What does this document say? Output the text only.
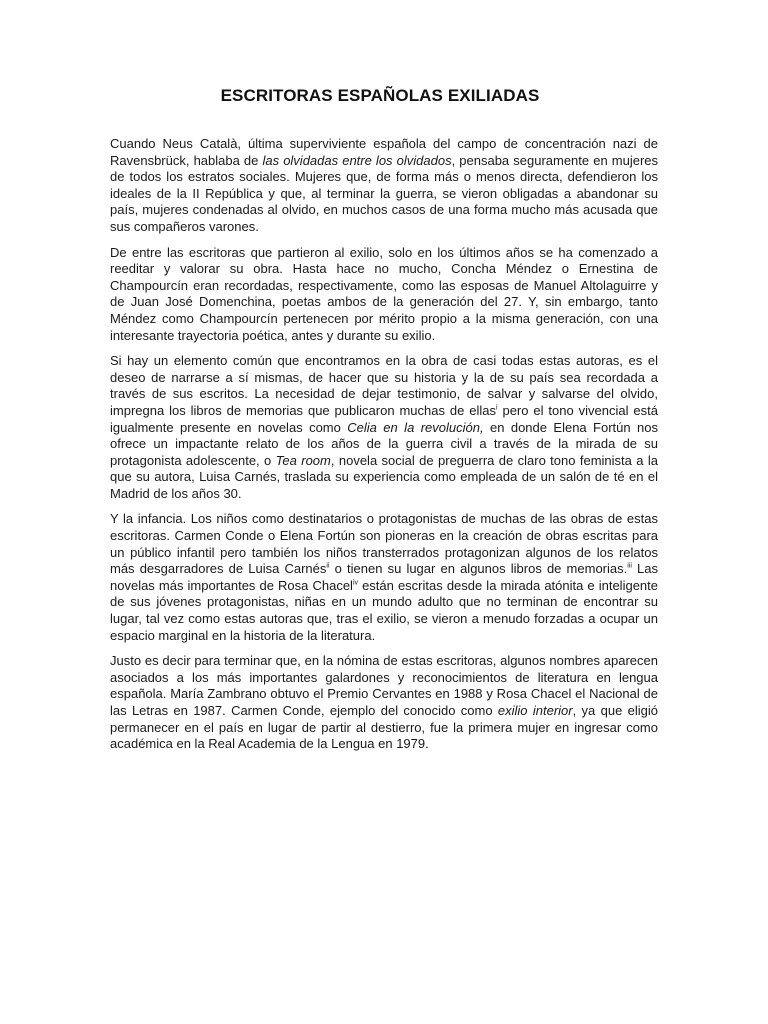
ESCRITORAS ESPAÑOLAS EXILIADAS

Cuando Neus Català, última superviviente española del campo de concentración nazi de Ravensbrück, hablaba de las olvidadas entre los olvidados, pensaba seguramente en mujeres de todos los estratos sociales. Mujeres que, de forma más o menos directa, defendieron los ideales de la II República y que, al terminar la guerra, se vieron obligadas a abandonar su país, mujeres condenadas al olvido, en muchos casos de una forma mucho más acusada que sus compañeros varones.

De entre las escritoras que partieron al exilio, solo en los últimos años se ha comenzado a reeditar y valorar su obra. Hasta hace no mucho, Concha Méndez o Ernestina de Champourcín eran recordadas, respectivamente, como las esposas de Manuel Altolaguirre y de Juan José Domenchina, poetas ambos de la generación del 27. Y, sin embargo, tanto Méndez como Champourcín pertenecen por mérito propio a la misma generación, con una interesante trayectoria poética, antes y durante su exilio.

Si hay un elemento común que encontramos en la obra de casi todas estas autoras, es el deseo de narrarse a sí mismas, de hacer que su historia y la de su país sea recordada a través de sus escritos. La necesidad de dejar testimonio, de salvar y salvarse del olvido, impregna los libros de memorias que publicaron muchas de ellas$^i$ pero el tono vivencial está igualmente presente en novelas como Celia en la revolución, en donde Elena Fortún nos ofrece un impactante relato de los años de la guerra civil a través de la mirada de su protagonista adolescente, o Tea room, novela social de preguerra de claro tono feminista a la que su autora, Luisa Carnés, traslada su experiencia como empleada de un salón de té en el Madrid de los años 30.

Y la infancia. Los niños como destinatarios o protagonistas de muchas de las obras de estas escritoras. Carmen Conde o Elena Fortún son pioneras en la creación de obras escritas para un público infantil pero también los niños transterrados protagonizan algunos de los relatos más desgarradores de Luisa Carnés$^{ii}$ o tienen su lugar en algunos libros de memorias.$^{iii}$ Las novelas más importantes de Rosa Chacel$^{iv}$ están escritas desde la mirada atónita e inteligente de sus jóvenes protagonistas, niñas en un mundo adulto que no terminan de encontrar su lugar, tal vez como estas autoras que, tras el exilio, se vieron a menudo forzadas a ocupar un espacio marginal en la historia de la literatura.

Justo es decir para terminar que, en la nómina de estas escritoras, algunos nombres aparecen asociados a los más importantes galardones y reconocimientos de literatura en lengua española. María Zambrano obtuvo el Premio Cervantes en 1988 y Rosa Chacel el Nacional de las Letras en 1987. Carmen Conde, ejemplo del conocido como exilio interior, ya que eligió permanecer en el país en lugar de partir al destierro, fue la primera mujer en ingresar como académica en la Real Academia de la Lengua en 1979.
